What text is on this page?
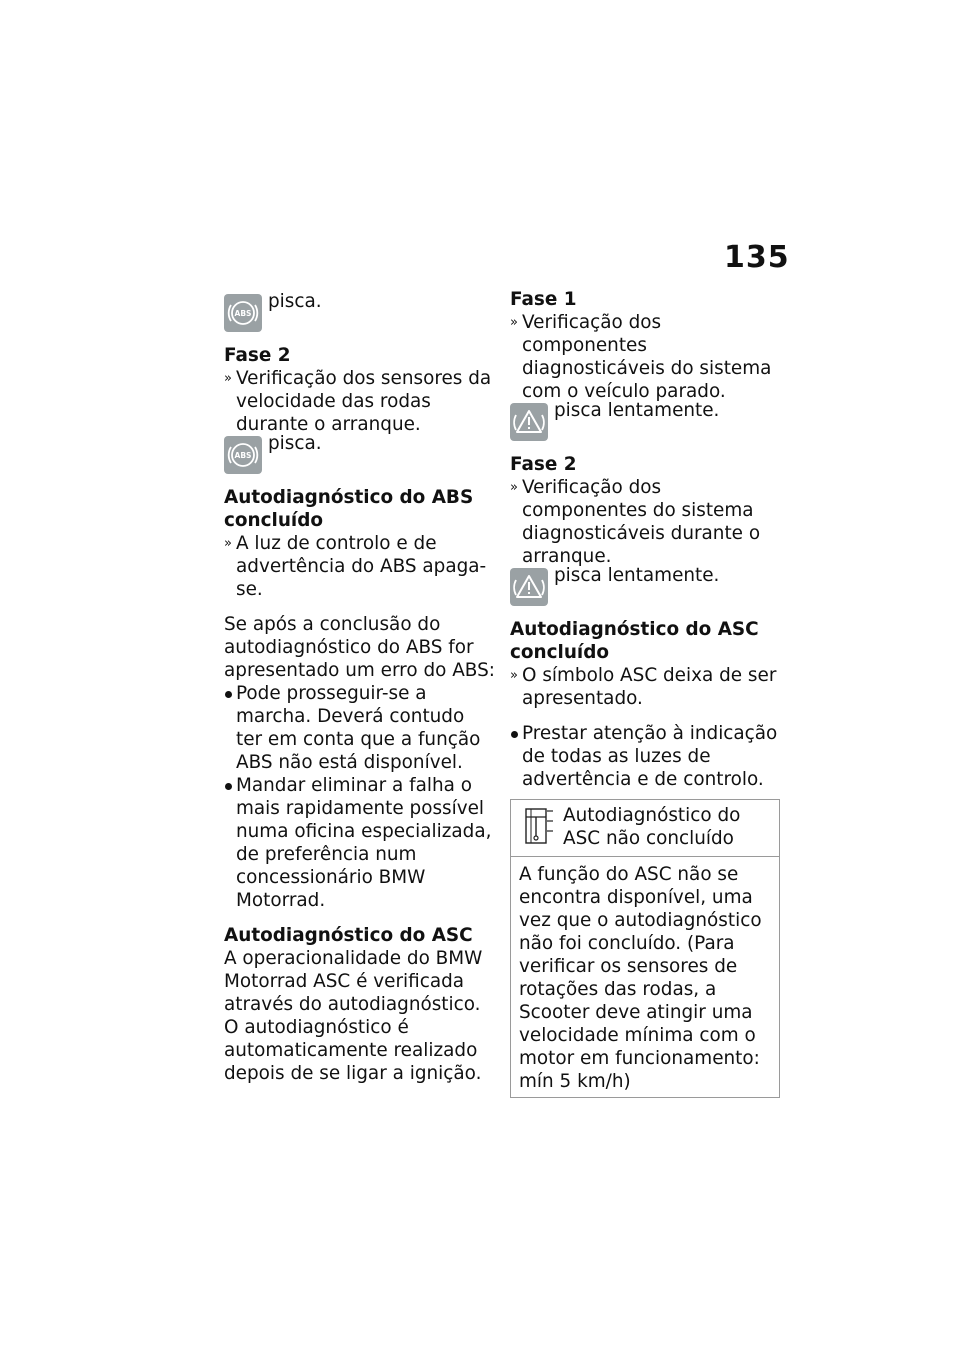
135
ABS

pisca.

Fase 2

» Verificação dos sensores da velocidade das rodas durante o arranque.

ABS

pisca.

Autodiagnóstico do ABS concluído

» A luz de controlo e de advertência do ABS apaga-se.

Se após a conclusão do autodiagnóstico do ABS for apresentado um erro do ABS:

Pode prosseguir-se a marcha. Deverá contudo ter em conta que a função ABS não está disponível.

Mandar eliminar a falha o mais rapidamente possível numa oficina especializada, de preferência num concessionário BMW Motorrad.

Autodiagnóstico do ASC

A operacionalidade do BMW Motorrad ASC é verificada através do autodiagnóstico. O autodiagnóstico é automaticamente realizado depois de se ligar a ignição.

Fase 1

» Verificação dos componentes diagnosticáveis do sistema com o veículo parado.

pisca lentamente.

Fase 2

» Verificação dos componentes do sistema diagnosticáveis durante o arranque.

pisca lentamente.

Autodiagnóstico do ASC concluído

» O símbolo ASC deixa de ser apresentado.

Prestar atenção à indicação de todas as luzes de advertência e de controlo.

Autodiagnóstico do ASC não concluído

A função do ASC não se encontra disponível, uma vez que o autodiagnóstico não foi concluído. (Para verificar os sensores de rotações das rodas, a Scooter deve atingir uma velocidade mínima com o motor em funcionamento: mín 5 km/h)
